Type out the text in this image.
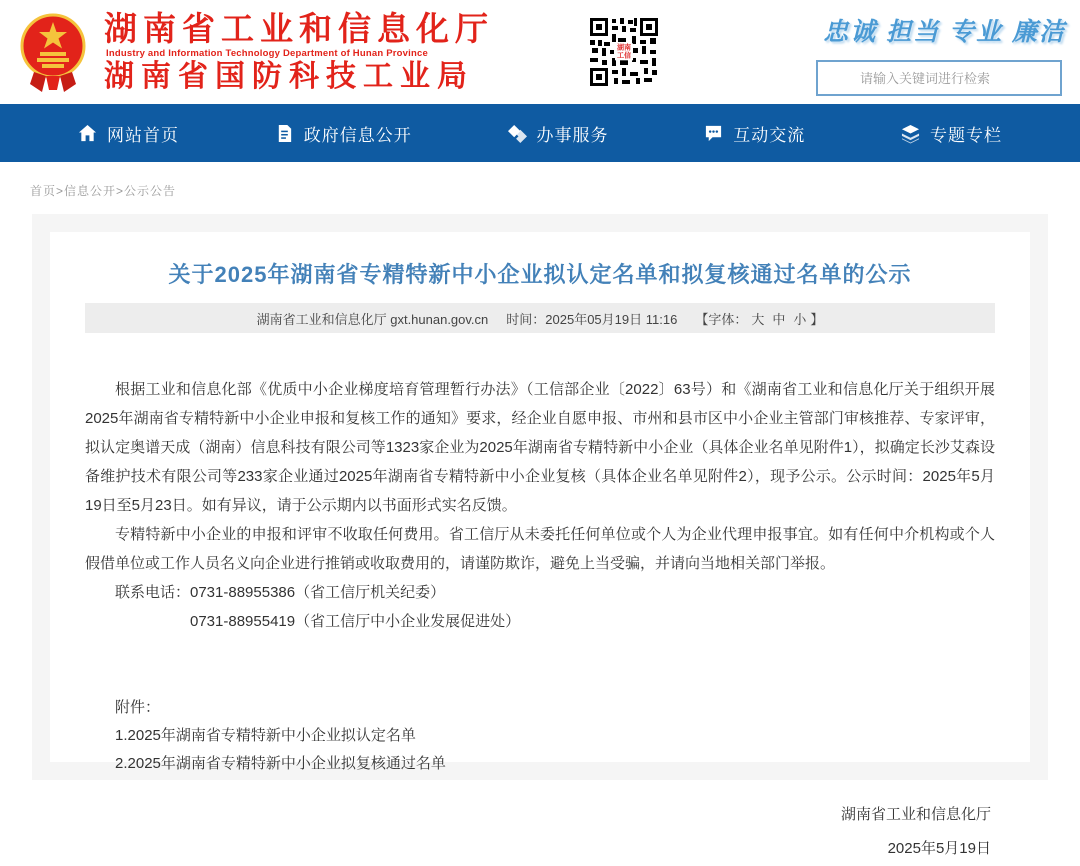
湖南省工业和信息化厅
Industry and Information Technology Department of Hunan Province
湖南省国防科技工业局
湖南工信
忠诚 担当 专业 廉洁
请输入关键词进行检索
网站首页	政府信息公开	办事服务	互动交流	专题专栏
首页>信息公开>公示公告
关于2025年湖南省专精特新中小企业拟认定名单和拟复核通过名单的公示
湖南省工业和信息化厅 gxt.hunan.gov.cn 时间：2025年05月19日 11:16 【字体： 大 中 小 】

根据工业和信息化部《优质中小企业梯度培育管理暂行办法》（工信部企业〔2022〕63号）和《湖南省工业和信息化厅关于组织开展2025年湖南省专精特新中小企业申报和复核工作的通知》要求，经企业自愿申报、市州和县市区中小企业主管部门审核推荐、专家评审，拟认定奥谱天成（湖南）信息科技有限公司等1323家企业为2025年湖南省专精特新中小企业（具体企业名单见附件1），拟确定长沙艾森设备维护技术有限公司等233家企业通过2025年湖南省专精特新中小企业复核（具体企业名单见附件2），现予公示。公示时间：2025年5月19日至5月23日。如有异议，请于公示期内以书面形式实名反馈。

专精特新中小企业的申报和评审不收取任何费用。省工信厅从未委托任何单位或个人为企业代理申报事宜。如有任何中介机构或个人假借单位或工作人员名义向企业进行推销或收取费用的，请谨防欺诈，避免上当受骗，并请向当地相关部门举报。

联系电话：0731-88955386（省工信厅机关纪委）

0731-88955419（省工信厅中小企业发展促进处）

附件：
1.2025年湖南省专精特新中小企业拟认定名单
2.2025年湖南省专精特新中小企业拟复核通过名单
湖南省工业和信息化厅
2025年5月19日
